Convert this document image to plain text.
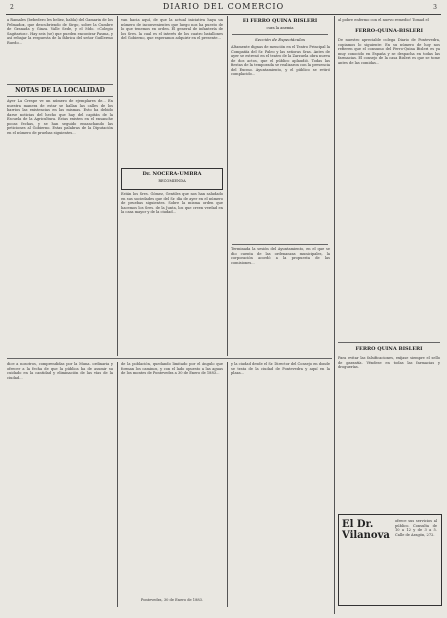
2	DIARIO DEL COMERCIO	3
a Ramales (bebedero les beliez, habla) del Gamarin de los Pelmadox, que descubriendo de Sirgo, sobre la Cumbre de Granada y Ginza. Valle Sede, y el Mdo. «Colegio Sagitarios». Hay seis (se) que pueden encontrar Pasma, y así rebajar la respuesta de la fábrica del señor Guillermo Ruedo...
NOTAS DE LA LOCALIDAD
Ayer La Crespe ve un número de ejemplares de... En nuestra manera de estar se hallan las calles de los barrios las existencias en las mismas. Esto ha debido darse noticias del hecho que hay del capitán de la Escuela de la Agricultura. Estas existen en el ensanche pocas fechas, y se han seguido ensanchando las peticiones al Gobierno. Estas palabras de la Diputación en el número de pruebas siguientes...
van hacia aquí, de que la actual iniciativa haya un número de inconvenientes que luego nos ha puesto de lo que tenemos en orden. El general de infantería de los Sres. la cual es el interés de los cuatro batallones del Gobierno, que esperamos adquirir en el presente...
Dr. NOCERA-UMBRA
RECOMIENDA
Están los Sres. Gómez, Gentiles que nos han saludado en sus sociedades que del Sr. día de ayer en el número de pruebas siguientes. Sobre la misma orden que hacemos los Sres. de la Junta, los que creen verdad en la casa mayor y de la ciudad...
El FERRO QUINA BISLERI
cura la anemia
Sección de Espectáculos
Altamente dignas de mención en el Teatro Principal la Compañía del Sr. Paleo y las señoras Sras. Antes de ayer se estrenó en el teatro de la Zarzuela obra nueva de dos actos, que el público aplaudió. Todas las fiestas de la temporada se realizaron con la presencia del Excmo. Ayuntamiento, y el público se retiró complacido...
Terminada la sesión del Ayuntamiento, en el que se dio cuenta de las ordenanzas municipales, la corporación acordó a la propuesta de las comisiones...
al pobre enfermo con el nuevo remedio! Tomad el
FERRO-QUINA-BISLERI
De nuestro apreciable colega Diario de Pontevedra, copiamos lo siguiente: En su número de hoy nos refieren que el consumo del Ferro-Quina Bisleri es ya muy conocido en España y se despacha en todas las farmacias. El consejo de la casa Bisleri es que se tome antes de las comidas...
FERRO QUINA BISLERI
Para evitar las falsificaciones, exíjase siempre el sello de garantía. Véndese en todas las farmacias y droguerías.
El Dr. Vilanova
ofrece sus servicios al público. Consulta de 10 a 12 y de 3 a 5. Calle de Aragón, 272.
dice a nosotros, comprendidas por la Muna. ordinaria y ofrecer a la fecha de que la pública ha de asumir su cuidado en la cantidad y eliminación de las vías de la ciudad...
de la población, quedando limitado por el ángulo que forman los caminos, y con el lado opuesto a las aguas de los montes de Pontevedra a 30 de Enero de 1883...
Pontevedra, 30 de Enero de 1883.
y la ciudad desde el Sr. Director del Consejo en donde se trata de la ciudad de Pontevedra y aquí en la plaza...
